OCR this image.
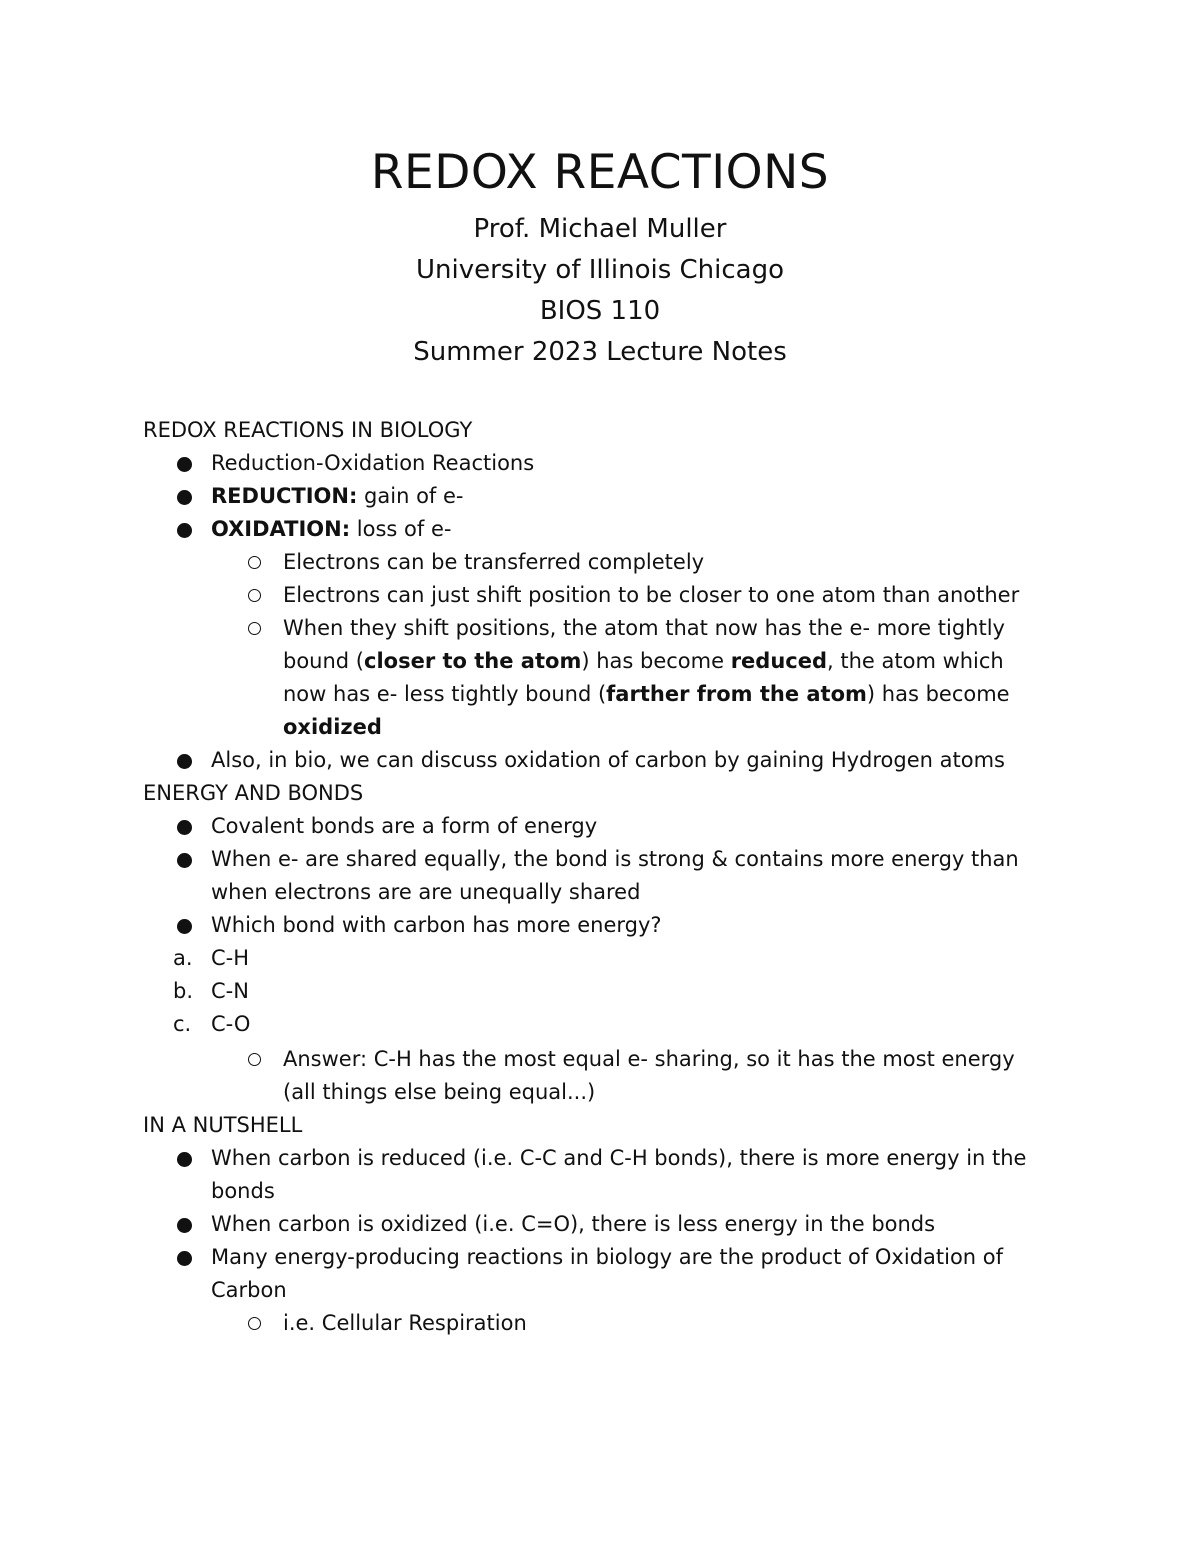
REDOX REACTIONS
Prof. Michael Muller
University of Illinois Chicago
BIOS 110
Summer 2023 Lecture Notes
REDOX REACTIONS IN BIOLOGY
Reduction-Oxidation Reactions
REDUCTION: gain of e-
OXIDATION: loss of e-
Electrons can be transferred completely
Electrons can just shift position to be closer to one atom than another
When they shift positions, the atom that now has the e- more tightly bound (closer to the atom) has become reduced, the atom which now has e- less tightly bound (farther from the atom) has become oxidized
Also, in bio, we can discuss oxidation of carbon by gaining Hydrogen atoms
ENERGY AND BONDS
Covalent bonds are a form of energy
When e- are shared equally, the bond is strong & contains more energy than when electrons are are unequally shared
Which bond with carbon has more energy?
a. C-H
b. C-N
c. C-O
Answer: C-H has the most equal e- sharing, so it has the most energy (all things else being equal...)
IN A NUTSHELL
When carbon is reduced (i.e. C-C and C-H bonds), there is more energy in the bonds
When carbon is oxidized (i.e. C=O), there is less energy in the bonds
Many energy-producing reactions in biology are the product of Oxidation of Carbon
i.e. Cellular Respiration
